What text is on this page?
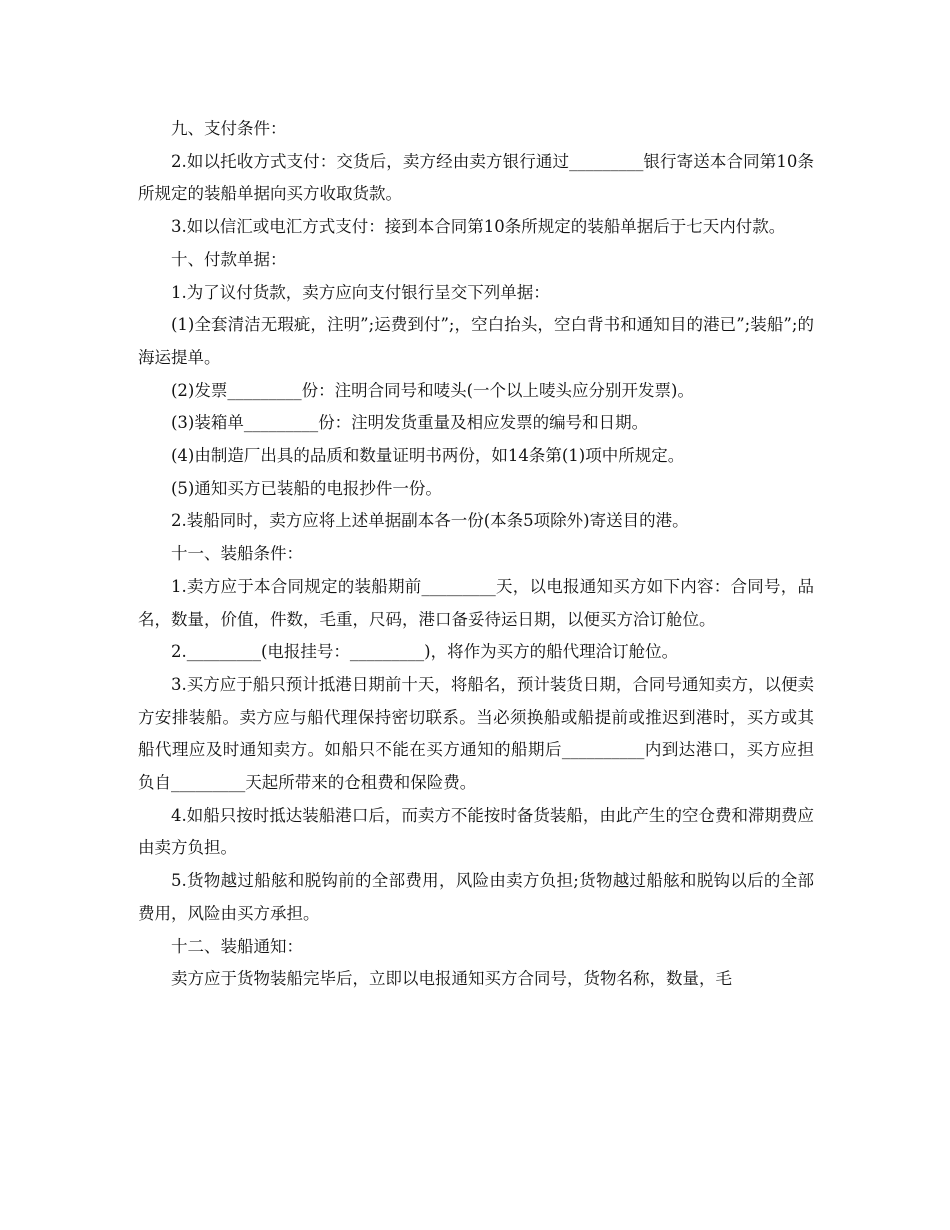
九、支付条件：

2.如以托收方式支付：交货后，卖方经由卖方银行通过_________银行寄送本合同第10条所规定的装船单据向买方收取货款。

3.如以信汇或电汇方式支付：接到本合同第10条所规定的装船单据后于七天内付款。

十、付款单据：

1.为了议付货款，卖方应向支付银行呈交下列单据：

(1)全套清洁无瑕疵，注明”;运费到付”;，空白抬头，空白背书和通知目的港已”;装船”;的海运提单。

(2)发票_________份：注明合同号和唛头(一个以上唛头应分别开发票)。

(3)装箱单_________份：注明发货重量及相应发票的编号和日期。

(4)由制造厂出具的品质和数量证明书两份，如14条第(1)项中所规定。

(5)通知买方已装船的电报抄件一份。

2.装船同时，卖方应将上述单据副本各一份(本条5项除外)寄送目的港。

十一、装船条件：

1.卖方应于本合同规定的装船期前_________天，以电报通知买方如下内容：合同号，品名，数量，价值，件数，毛重，尺码，港口备妥待运日期，以便买方洽订舱位。

2._________(电报挂号：_________)，将作为买方的船代理洽订舱位。

3.买方应于船只预计抵港日期前十天，将船名，预计装货日期，合同号通知卖方，以便卖方安排装船。卖方应与船代理保持密切联系。当必须换船或船提前或推迟到港时，买方或其船代理应及时通知卖方。如船只不能在买方通知的船期后__________内到达港口，买方应担负自_________天起所带来的仓租费和保险费。

4.如船只按时抵达装船港口后，而卖方不能按时备货装船，由此产生的空仓费和滞期费应由卖方负担。

5.货物越过船舷和脱钩前的全部费用，风险由卖方负担;货物越过船舷和脱钩以后的全部费用，风险由买方承担。

十二、装船通知：

卖方应于货物装船完毕后，立即以电报通知买方合同号，货物名称，数量，毛
